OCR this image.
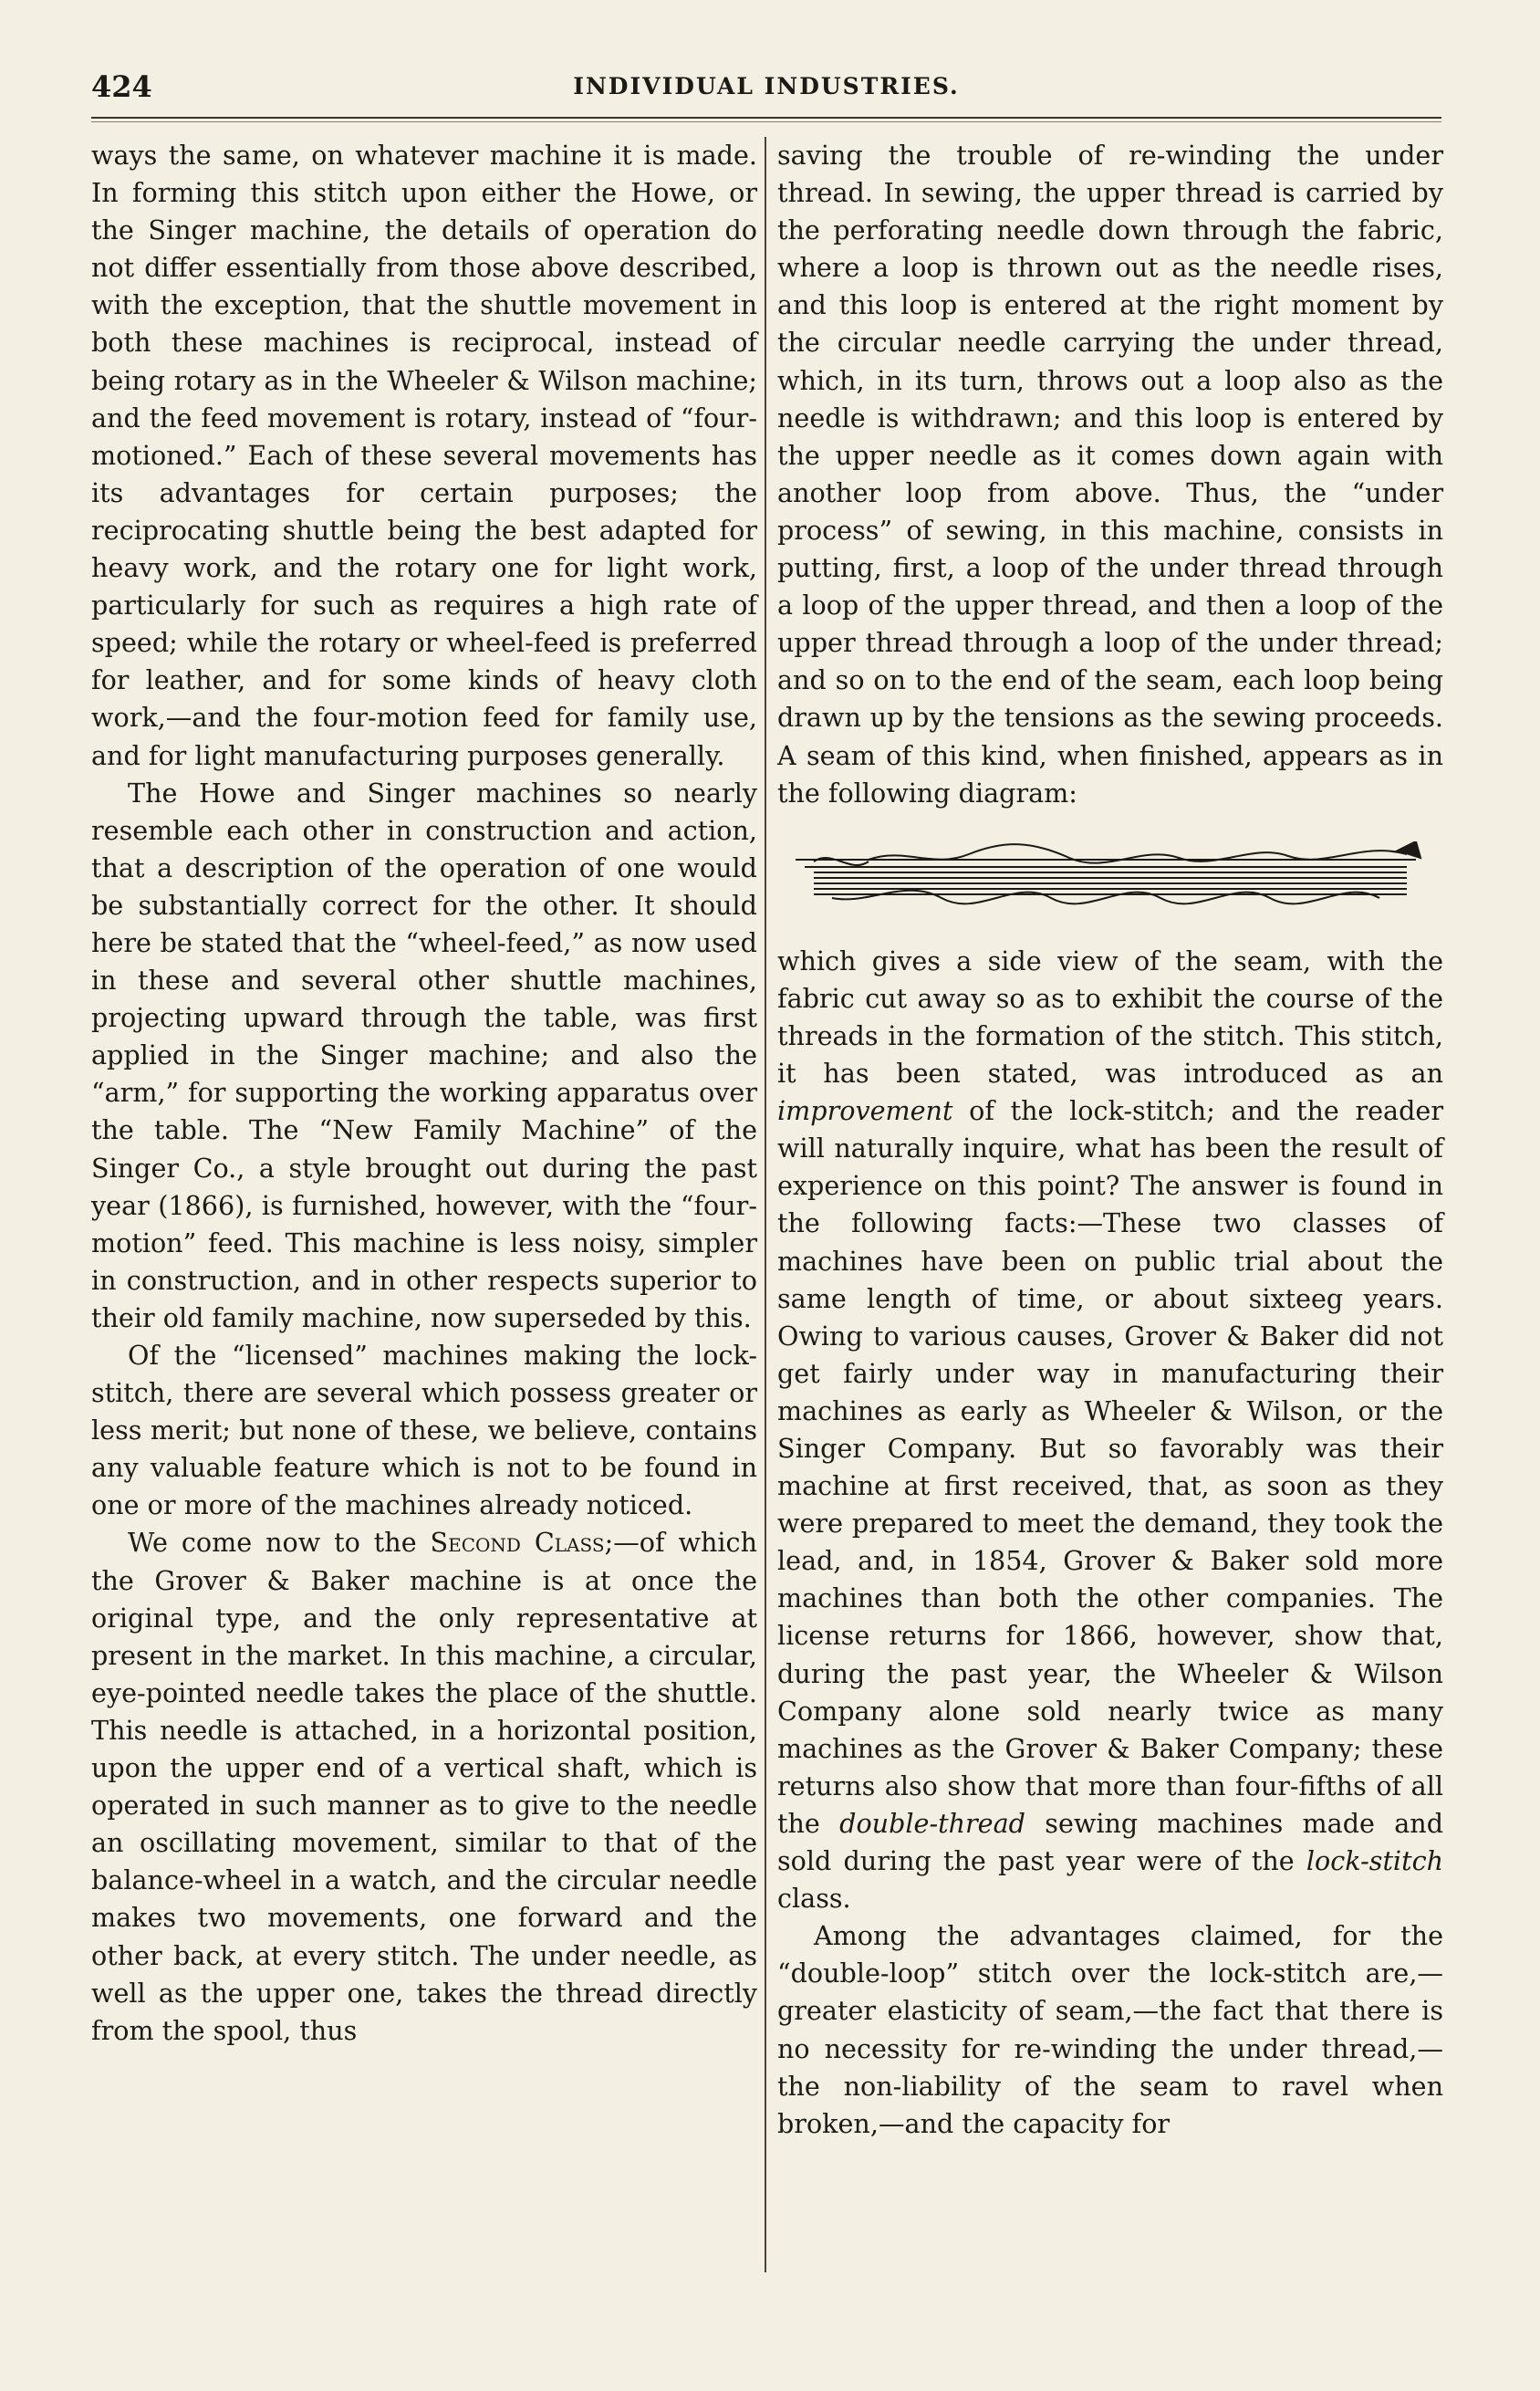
424	INDIVIDUAL INDUSTRIES.

ways the same, on whatever machine it is made. In forming this stitch upon either the Howe, or the Singer machine, the details of operation do not differ essentially from those above described, with the exception, that the shuttle movement in both these machines is reciprocal, instead of being rotary as in the Wheeler & Wilson machine; and the feed movement is rotary, instead of “four-motioned.” Each of these several movements has its advantages for certain purposes; the reciprocating shuttle being the best adapted for heavy work, and the rotary one for light work, particularly for such as requires a high rate of speed; while the rotary or wheel-feed is preferred for leather, and for some kinds of heavy cloth work,—and the four-motion feed for family use, and for light manufacturing purposes generally.

The Howe and Singer machines so nearly resemble each other in construction and action, that a description of the operation of one would be substantially correct for the other. It should here be stated that the “wheel-feed,” as now used in these and several other shuttle machines, projecting upward through the table, was first applied in the Singer machine; and also the “arm,” for supporting the working apparatus over the table. The “New Family Machine” of the Singer Co., a style brought out during the past year (1866), is furnished, however, with the “four-motion” feed. This machine is less noisy, simpler in construction, and in other respects superior to their old family machine, now superseded by this.

Of the “licensed” machines making the lock-stitch, there are several which possess greater or less merit; but none of these, we believe, contains any valuable feature which is not to be found in one or more of the machines already noticed.

We come now to the Second Class;—of which the Grover & Baker machine is at once the original type, and the only representative at present in the market. In this machine, a circular, eye-pointed needle takes the place of the shuttle. This needle is attached, in a horizontal position, upon the upper end of a vertical shaft, which is operated in such manner as to give to the needle an oscillating movement, similar to that of the balance-wheel in a watch, and the circular needle makes two movements, one forward and the other back, at every stitch. The under needle, as well as the upper one, takes the thread directly from the spool, thus

saving the trouble of re-winding the under thread. In sewing, the upper thread is carried by the perforating needle down through the fabric, where a loop is thrown out as the needle rises, and this loop is entered at the right moment by the circular needle carrying the under thread, which, in its turn, throws out a loop also as the needle is withdrawn; and this loop is entered by the upper needle as it comes down again with another loop from above. Thus, the “under process” of sewing, in this machine, consists in putting, first, a loop of the under thread through a loop of the upper thread, and then a loop of the upper thread through a loop of the under thread; and so on to the end of the seam, each loop being drawn up by the tensions as the sewing proceeds. A seam of this kind, when finished, appears as in the following diagram:

which gives a side view of the seam, with the fabric cut away so as to exhibit the course of the threads in the formation of the stitch. This stitch, it has been stated, was introduced as an improvement of the lock-stitch; and the reader will naturally inquire, what has been the result of experience on this point? The answer is found in the following facts:—These two classes of machines have been on public trial about the same length of time, or about sixteeg years. Owing to various causes, Grover & Baker did not get fairly under way in manufacturing their machines as early as Wheeler & Wilson, or the Singer Company. But so favorably was their machine at first received, that, as soon as they were prepared to meet the demand, they took the lead, and, in 1854, Grover & Baker sold more machines than both the other companies. The license returns for 1866, however, show that, during the past year, the Wheeler & Wilson Company alone sold nearly twice as many machines as the Grover & Baker Company; these returns also show that more than four-fifths of all the double-thread sewing machines made and sold during the past year were of the lock-stitch class.

Among the advantages claimed, for the “double-loop” stitch over the lock-stitch are,—greater elasticity of seam,—the fact that there is no necessity for re-winding the under thread,—the non-liability of the seam to ravel when broken,—and the capacity for
